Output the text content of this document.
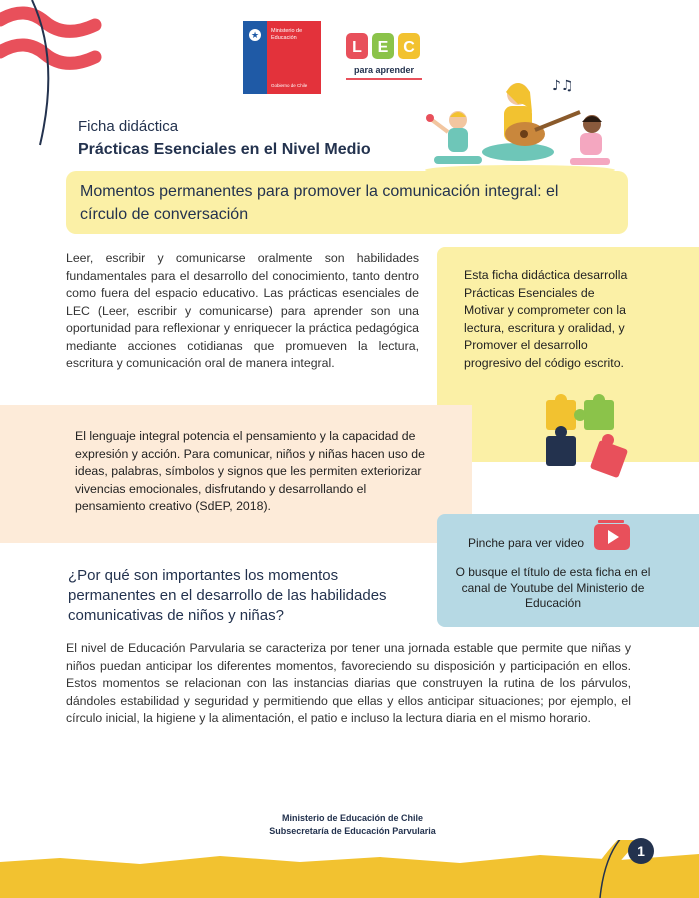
★ Ministerio de
Educación
Gobierno de Chile
L E C
para aprender
♪♫
Ficha didáctica
Prácticas Esenciales en el Nivel Medio
Momentos permanentes para promover la comunicación integral: el círculo de conversación
Leer, escribir y comunicarse oralmente son habilidades fundamentales para el desarrollo del conocimiento, tanto dentro como fuera del espacio educativo. Las prácticas esenciales de LEC (Leer, escribir y comunicarse) para aprender son una oportunidad para reflexionar y enriquecer la práctica pedagógica mediante acciones cotidianas que promueven la lectura, escritura y comunicación oral de manera integral.
Esta ficha didáctica desarrolla Prácticas Esenciales de Motivar y comprometer con la lectura, escritura y oralidad, y Promover el desarrollo progresivo del código escrito.
El lenguaje integral potencia el pensamiento y la capacidad de expresión y acción. Para comunicar, niños y niñas hacen uso de ideas, palabras, símbolos y signos que les permiten exteriorizar vivencias emocionales, disfrutando y desarrollando el pensamiento creativo (SdEP, 2018).
Pinche para ver video
O busque el título de esta ficha en el canal de Youtube del Ministerio de Educación
¿Por qué son importantes los momentos permanentes en el desarrollo de las habilidades comunicativas de niños y niñas?
El nivel de Educación Parvularia se caracteriza por tener una jornada estable que permite que niñas y niños puedan anticipar los diferentes momentos, favoreciendo su disposición y participación en ellos. Estos momentos se relacionan con las instancias diarias que construyen la rutina de los párvulos, dándoles estabilidad y seguridad y permitiendo que ellas y ellos anticipar situaciones; por ejemplo, el círculo inicial, la higiene y la alimentación, el patio e incluso la lectura diaria en el mismo horario.
Ministerio de Educación de Chile
Subsecretaría de Educación Parvularia
1
